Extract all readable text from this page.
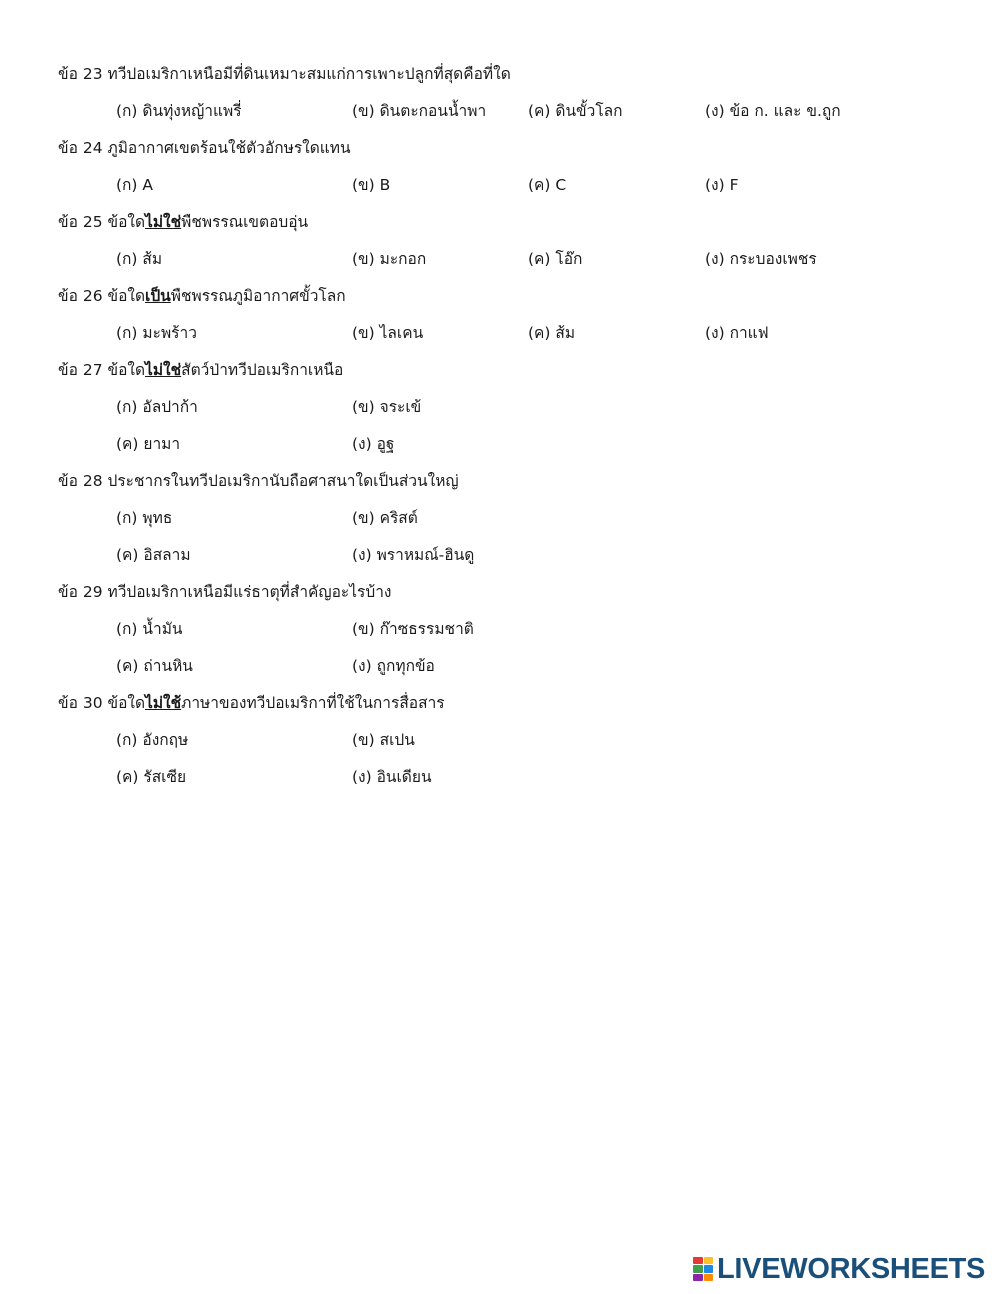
ข้อ 23 ทวีปอเมริกาเหนือมีที่ดินเหมาะสมแก่การเพาะปลูกที่สุดคือที่ใด
(ก) ดินทุ่งหญ้าแพรี่	(ข) ดินตะกอนน้ำพา	(ค) ดินขั้วโลก	(ง) ข้อ ก. และ ข.ถูก
ข้อ 24 ภูมิอากาศเขตร้อนใช้ตัวอักษรใดแทน
(ก) A	(ข) B	(ค) C	(ง) F
ข้อ 25 ข้อใดไม่ใช่พืชพรรณเขตอบอุ่น
(ก) ส้ม	(ข) มะกอก	(ค) โอ๊ก	(ง) กระบองเพชร
ข้อ 26 ข้อใดเป็นพืชพรรณภูมิอากาศขั้วโลก
(ก) มะพร้าว	(ข) ไลเคน	(ค) ส้ม	(ง) กาแฟ
ข้อ 27 ข้อใดไม่ใช่สัตว์ป่าทวีปอเมริกาเหนือ
(ก) อัลปาก้า	(ข) จระเข้
(ค) ยามา	(ง) อูฐ
ข้อ 28 ประชากรในทวีปอเมริกานับถือศาสนาใดเป็นส่วนใหญ่
(ก) พุทธ	(ข) คริสต์
(ค) อิสลาม	(ง) พราหมณ์-ฮินดู
ข้อ 29 ทวีปอเมริกาเหนือมีแร่ธาตุที่สำคัญอะไรบ้าง
(ก) น้ำมัน	(ข) ก๊าซธรรมชาติ
(ค) ถ่านหิน	(ง) ถูกทุกข้อ
ข้อ 30 ข้อใดไม่ใช้ภาษาของทวีปอเมริกาที่ใช้ในการสื่อสาร
(ก) อังกฤษ	(ข) สเปน
(ค) รัสเซีย	(ง) อินเดียน
LIVEWORKSHEETS
